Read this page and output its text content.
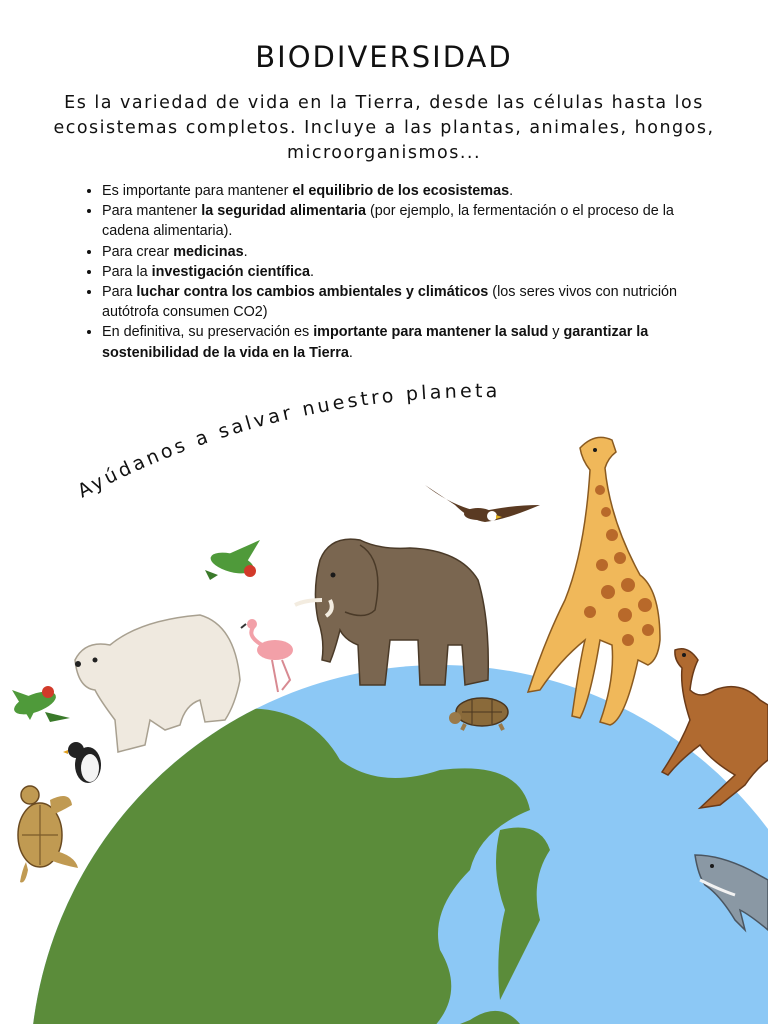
BIODIVERSIDAD

Es la variedad de vida en la Tierra, desde las células hasta los ecosistemas completos. Incluye a las plantas, animales, hongos, microorganismos...

• Es importante para mantener el equilibrio de los ecosistemas.
• Para mantener la seguridad alimentaria (por ejemplo, la fermentación o el proceso de la cadena alimentaria).
• Para crear medicinas.
• Para la investigación científica.
• Para luchar contra los cambios ambientales y climáticos (los seres vivos con nutrición autótrofa consumen CO2)
• En definitiva, su preservación es importante para mantener la salud y garantizar la sostenibilidad de la vida en la Tierra.
Ayúdanos a salvar nuestro planeta
